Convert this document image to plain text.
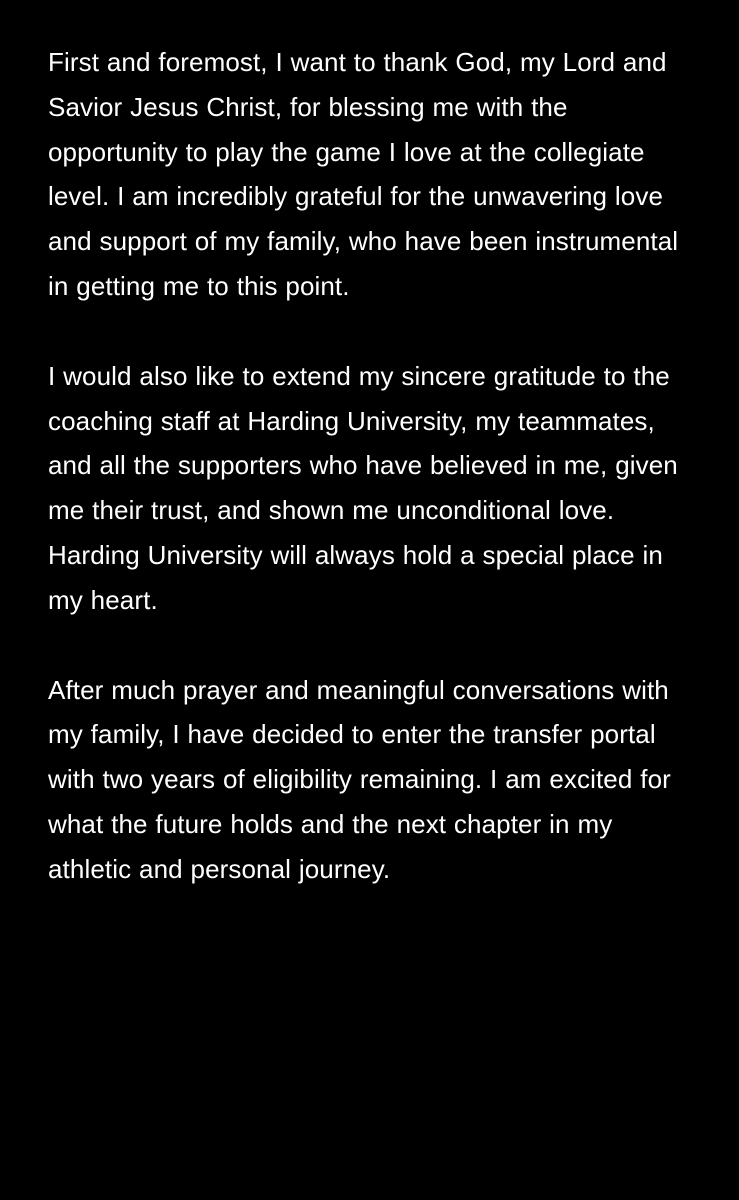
First and foremost, I want to thank God, my Lord and Savior Jesus Christ, for blessing me with the opportunity to play the game I love at the collegiate level. I am incredibly grateful for the unwavering love and support of my family, who have been instrumental in getting me to this point.

I would also like to extend my sincere gratitude to the coaching staff at Harding University, my teammates, and all the supporters who have believed in me, given me their trust, and shown me unconditional love. Harding University will always hold a special place in my heart.

After much prayer and meaningful conversations with my family, I have decided to enter the transfer portal with two years of eligibility remaining. I am excited for what the future holds and the next chapter in my athletic and personal journey.
